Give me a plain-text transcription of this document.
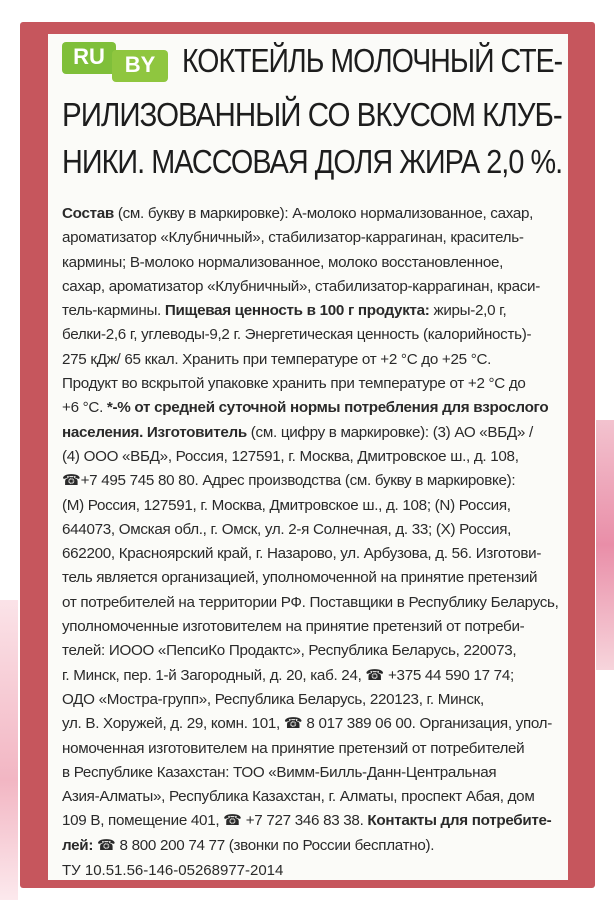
RU BY КОКТЕЙЛЬ МОЛОЧНЫЙ СТЕ-
РИЛИЗОВАННЫЙ СО ВКУСОМ КЛУБ-
НИКИ. МАССОВАЯ ДОЛЯ ЖИРА 2,0 %.
Состав (см. букву в маркировке): А-молоко нормализованное, сахар,
ароматизатор «Клубничный», стабилизатор-каррагинан, краситель-
кармины; В-молоко нормализованное, молоко восстановленное,
сахар, ароматизатор «Клубничный», стабилизатор-каррагинан, краси-
тель-кармины. Пищевая ценность в 100 г продукта: жиры-2,0 г,
белки-2,6 г, углеводы-9,2 г. Энергетическая ценность (калорийность)-
275 кДж/ 65 ккал. Хранить при температуре от +2 °С до +25 °С.
Продукт во вскрытой упаковке хранить при температуре от +2 °С до
+6 °С. *-% от средней суточной нормы потребления для взрослого
населения. Изготовитель (см. цифру в маркировке): (3) АО «ВБД» /
(4) ООО «ВБД», Россия, 127591, г. Москва, Дмитровское ш., д. 108,
☎+7 495 745 80 80. Адрес производства (см. букву в маркировке):
(М) Россия, 127591, г. Москва, Дмитровское ш., д. 108; (N) Россия,
644073, Омская обл., г. Омск, ул. 2-я Солнечная, д. 33; (Х) Россия,
662200, Красноярский край, г. Назарово, ул. Арбузова, д. 56. Изготови-
тель является организацией, уполномоченной на принятие претензий
от потребителей на территории РФ. Поставщики в Республику Беларусь,
уполномоченные изготовителем на принятие претензий от потреби-
телей: ИООО «ПепсиКо Продактс», Республика Беларусь, 220073,
г. Минск, пер. 1-й Загородный, д. 20, каб. 24, ☎ +375 44 590 17 74;
ОДО «Мостра-групп», Республика Беларусь, 220123, г. Минск,
ул. В. Хоружей, д. 29, комн. 101, ☎ 8 017 389 06 00. Организация, упол-
номоченная изготовителем на принятие претензий от потребителей
в Республике Казахстан: ТОО «Вимм-Билль-Данн-Центральная
Азия-Алматы», Республика Казахстан, г. Алматы, проспект Абая, дом
109 В, помещение 401, ☎ +7 727 346 83 38. Контакты для потребите-
лей: ☎ 8 800 200 74 77 (звонки по России бесплатно).
ТУ 10.51.56-146-05268977-2014
